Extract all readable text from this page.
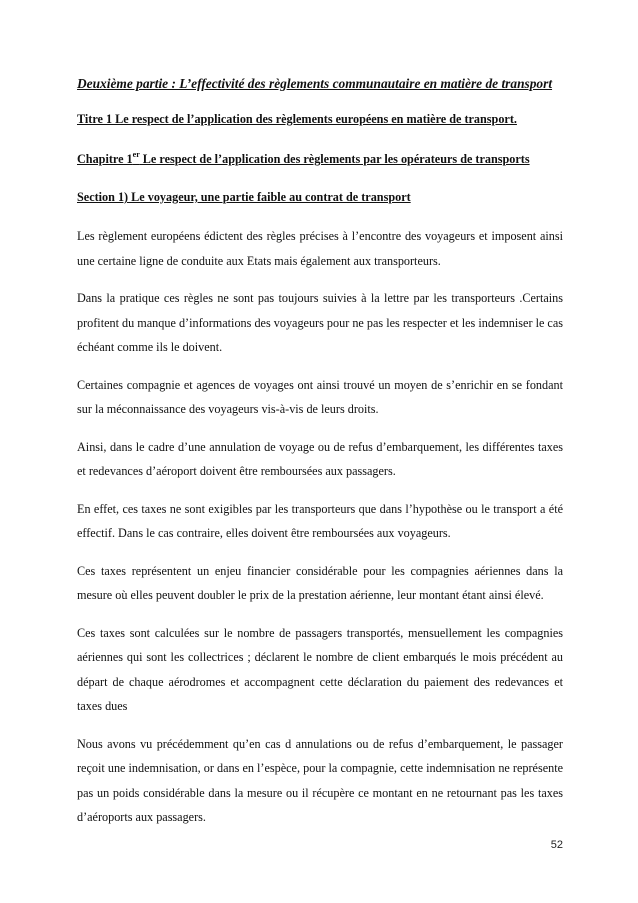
Deuxième partie : L’effectivité des règlements communautaire en matière de transport

Titre 1 Le respect de l’application des règlements européens en matière de transport.

Chapitre 1er Le respect de l’application des règlements par les opérateurs de transports

Section 1) Le voyageur, une partie faible au contrat de transport

Les règlement européens édictent des règles précises à l’encontre des voyageurs et imposent ainsi une certaine ligne de conduite aux Etats mais également aux transporteurs.

Dans la pratique ces règles ne sont pas toujours suivies à la lettre par les transporteurs .Certains profitent du manque d’informations des voyageurs pour ne pas les respecter et les indemniser le cas échéant comme ils le doivent.

Certaines compagnie et agences de voyages ont ainsi trouvé un moyen de s’enrichir en se fondant sur la méconnaissance des voyageurs vis-à-vis de leurs droits.

Ainsi, dans le cadre d’une annulation de voyage ou de refus d’embarquement, les différentes taxes et redevances d’aéroport doivent être remboursées aux passagers.

En effet, ces taxes ne sont exigibles par les transporteurs que dans l’hypothèse ou le transport a été effectif. Dans le cas contraire, elles doivent être remboursées aux voyageurs.

Ces taxes représentent un enjeu financier considérable pour les compagnies aériennes dans la mesure où elles peuvent doubler le prix de la prestation aérienne, leur montant étant ainsi élevé.

Ces taxes sont calculées sur le nombre de passagers transportés, mensuellement les compagnies aériennes qui sont les collectrices ; déclarent le nombre de client embarqués le mois précédent au départ de chaque aérodromes et accompagnent cette déclaration du paiement des redevances et taxes dues

Nous avons vu précédemment qu’en cas d annulations ou de refus d’embarquement, le passager reçoit une indemnisation, or dans en l’espèce, pour la compagnie, cette indemnisation ne représente pas un poids considérable dans la mesure ou il récupère ce montant en ne retournant pas les taxes d’aéroports aux passagers.

52
